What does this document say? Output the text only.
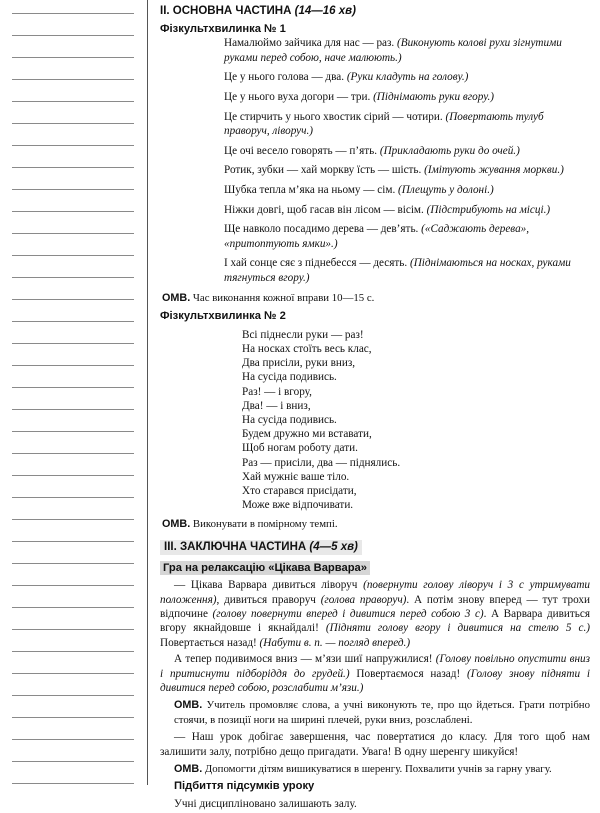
ІІ. ОСНОВНА ЧАСТИНА (14—16 хв)
Фізкультхвилинка № 1

Намалюймо зайчика для нас — раз. (Виконують колові рухи зігнутими руками перед собою, наче малюють.)

Це у нього голова — два. (Руки кладуть на голову.)

Це у нього вуха догори — три. (Піднімають руки вгору.)

Це стирчить у нього хвостик сірий — чотири. (Повертають тулуб праворуч, ліворуч.)

Це очі весело говорять — п’ять. (Прикладають руки до очей.)

Ротик, зубки — хай моркву їсть — шість. (Імітують жування моркви.)

Шубка тепла м’яка на ньому — сім. (Плещуть у долоні.)

Ніжки довгі, щоб гасав він лісом — вісім. (Підстрибують на місці.)

Ще навколо посадимо дерева — дев’ять. («Саджають дерева», «притоптують ямки».)

І хай сонце сяє з піднебесся — десять. (Піднімаються на носках, руками тягнуться вгору.)

ОМВ. Час виконання кожної вправи 10—15 с.
Фізкультхвилинка № 2
Всі піднесли руки — раз!
На носках стоїть весь клас,
Два присіли, руки вниз,
На сусіда подивись.
Раз! — і вгору,
Два! — і вниз,
На сусіда подивись.
Будем дружно ми вставати,
Щоб ногам роботу дати.
Раз — присіли, два — піднялись.
Хай мужніє ваше тіло.
Хто старався присідати,
Може вже відпочивати.
ОМВ. Виконувати в помірному темпі.
ІІІ. ЗАКЛЮЧНА ЧАСТИНА (4—5 хв)
Гра на релаксацію «Цікава Варвара»

— Цікава Варвара дивиться ліворуч (повернути голову ліворуч і 3 с утримувати положення), дивиться праворуч (голова праворуч). А потім знову вперед — тут трохи відпочине (голову повернути вперед і дивитися перед собою 3 с). А Варвара дивиться вгору якнайдовше і якнайдалі! (Підняти голову вгору і дивитися на стелю 5 с.) Повертається назад! (Набути в. п. — погляд вперед.)

А тепер подивимося вниз — м’язи шиї напружилися! (Голову повільно опустити вниз і притиснути підборіддя до грудей.) Повертаємося назад! (Голову знову підняти і дивитися перед собою, розслабити м’язи.)

ОМВ. Учитель промовляє слова, а учні виконують те, про що йдеться. Грати потрібно стоячи, в позиції ноги на ширині плечей, руки вниз, розслаблені.

— Наш урок добігає завершення, час повертатися до класу. Для того щоб нам залишити залу, потрібно дещо пригадати. Увага! В одну шеренгу шикуйся!

ОМВ. Допомогти дітям вишикуватися в шеренгу. Похвалити учнів за гарну увагу.

Підбиття підсумків уроку

Учні дисципліновано залишають залу.
